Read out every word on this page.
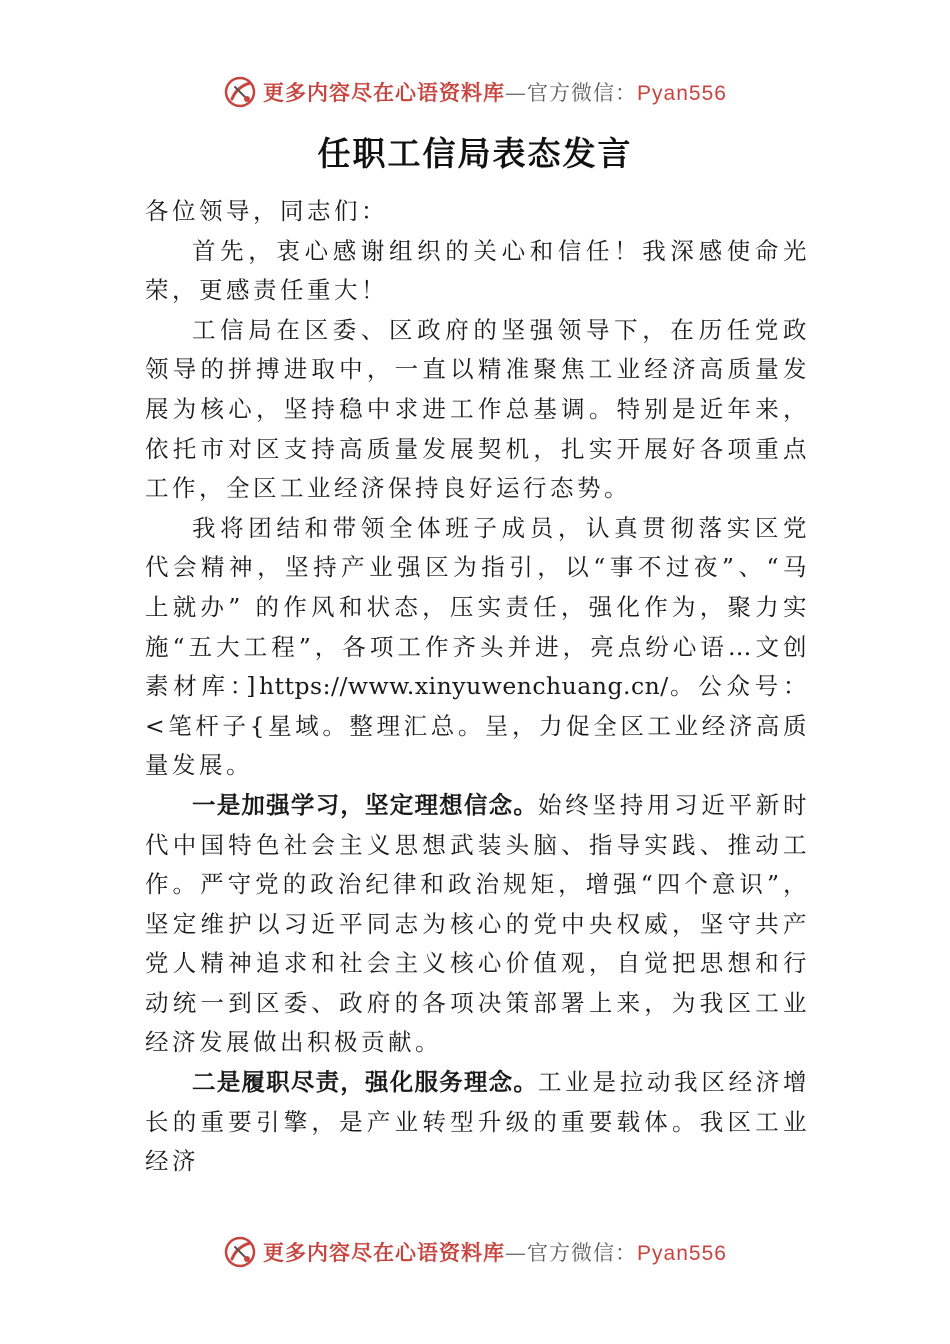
更多内容尽在心语资料库—官方微信：Pyan556
任职工信局表态发言

各位领导，同志们：

首先，衷心感谢组织的关心和信任！我深感使命光荣，更感责任重大！

工信局在区委、区政府的坚强领导下，在历任党政领导的拼搏进取中，一直以精准聚焦工业经济高质量发展为核心，坚持稳中求进工作总基调。特别是近年来，依托市对区支持高质量发展契机，扎实开展好各项重点工作，全区工业经济保持良好运行态势。

我将团结和带领全体班子成员，认真贯彻落实区党代会精神，坚持产业强区为指引，以“事不过夜”、“马上就办” 的作风和状态，压实责任，强化作为，聚力实施“五大工程”，各项工作齐头并进，亮点纷心语…文创素材库：]https://www.xinyuwenchuang.cn/。公众号：<笔杆子{星域。整理汇总。呈，力促全区工业经济高质量发展。

一是加强学习，坚定理想信念。始终坚持用习近平新时代中国特色社会主义思想武装头脑、指导实践、推动工作。严守党的政治纪律和政治规矩，增强“四个意识”，坚定维护以习近平同志为核心的党中央权威，坚守共产党人精神追求和社会主义核心价值观，自觉把思想和行动统一到区委、政府的各项决策部署上来，为我区工业经济发展做出积极贡献。

二是履职尽责，强化服务理念。工业是拉动我区经济增长的重要引擎，是产业转型升级的重要载体。我区工业经济

更多内容尽在心语资料库—官方微信：Pyan556
